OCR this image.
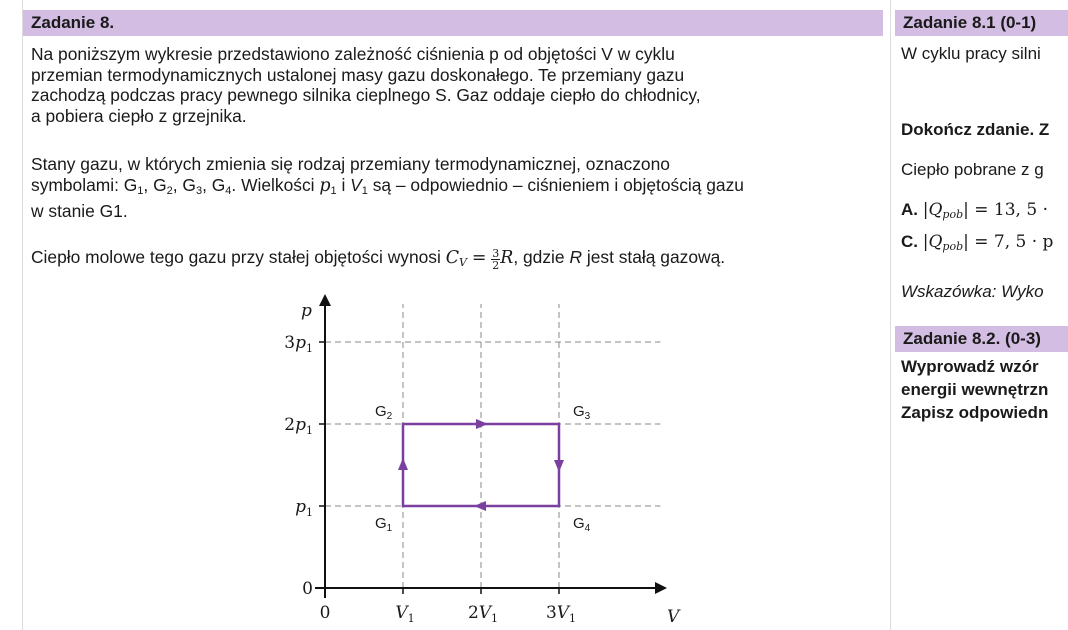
Zadanie 8.
Na poniższym wykresie przedstawiono zależność ciśnienia p od objętości V w cyklu
przemian termodynamicznych ustalonej masy gazu doskonałego. Te przemiany gazu
zachodzą podczas pracy pewnego silnika cieplnego S. Gaz oddaje ciepło do chłodnicy,
a pobiera ciepło z grzejnika.
Stany gazu, w których zmienia się rodzaj przemiany termodynamicznej, oznaczono
symbolami: $G_1$, $G_2$, $G_3$, $G_4$. Wielkości $p_1$ i $V_1$ są – odpowiednio – ciśnieniem i objętością gazu
w stanie G1.
Ciepło molowe tego gazu przy stałej objętości wynosi $C_V = \frac{3}{2} R$, gdzie R jest stałą gazową.
p
V
0
$p_1$
$2p_1$
$3p_1$
0	$V_1$	$2V_1$	$3V_1$
$G_1$
$G_2$	$G_3$
$G_4$
Zadanie 8.1 (0-1)
W cyklu pracy silni
Dokończ zdanie. Z
Ciepło pobrane z g
A. $|Q_{pob}| = 13$, 5 ·
C. $|Q_{pob}| = 7$, 5 · p
Wskazówka: Wyko
Zadanie 8.2. (0-3)
Wyprowadź wzór
energii wewnętrzn
Zapisz odpowiedn
